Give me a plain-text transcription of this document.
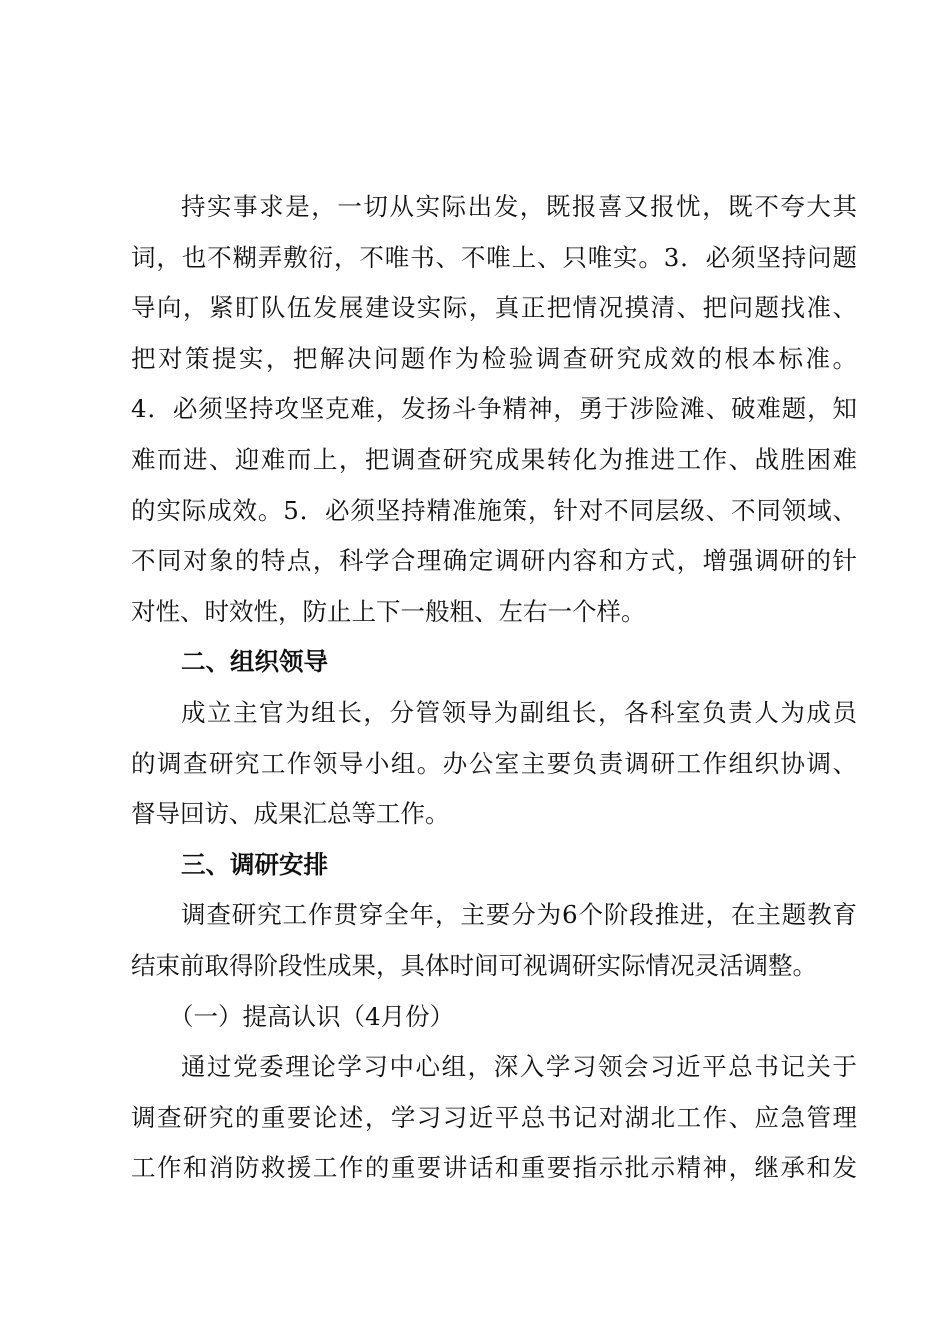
持实事求是，一切从实际出发，既报喜又报忧，既不夸大其
词，也不糊弄敷衍，不唯书、不唯上、只唯实。3．必须坚持问题
导向，紧盯队伍发展建设实际，真正把情况摸清、把问题找准、
把对策提实，把解决问题作为检验调查研究成效的根本标准。
4．必须坚持攻坚克难，发扬斗争精神，勇于涉险滩、破难题，知
难而进、迎难而上，把调查研究成果转化为推进工作、战胜困难
的实际成效。5．必须坚持精准施策，针对不同层级、不同领域、
不同对象的特点，科学合理确定调研内容和方式，增强调研的针
对性、时效性，防止上下一般粗、左右一个样。
二、组织领导
成立主官为组长，分管领导为副组长，各科室负责人为成员
的调查研究工作领导小组。办公室主要负责调研工作组织协调、
督导回访、成果汇总等工作。
三、调研安排
调查研究工作贯穿全年，主要分为6个阶段推进，在主题教育
结束前取得阶段性成果，具体时间可视调研实际情况灵活调整。
（一）提高认识（4月份）
通过党委理论学习中心组，深入学习领会习近平总书记关于
调查研究的重要论述，学习习近平总书记对湖北工作、应急管理
工作和消防救援工作的重要讲话和重要指示批示精神，继承和发
